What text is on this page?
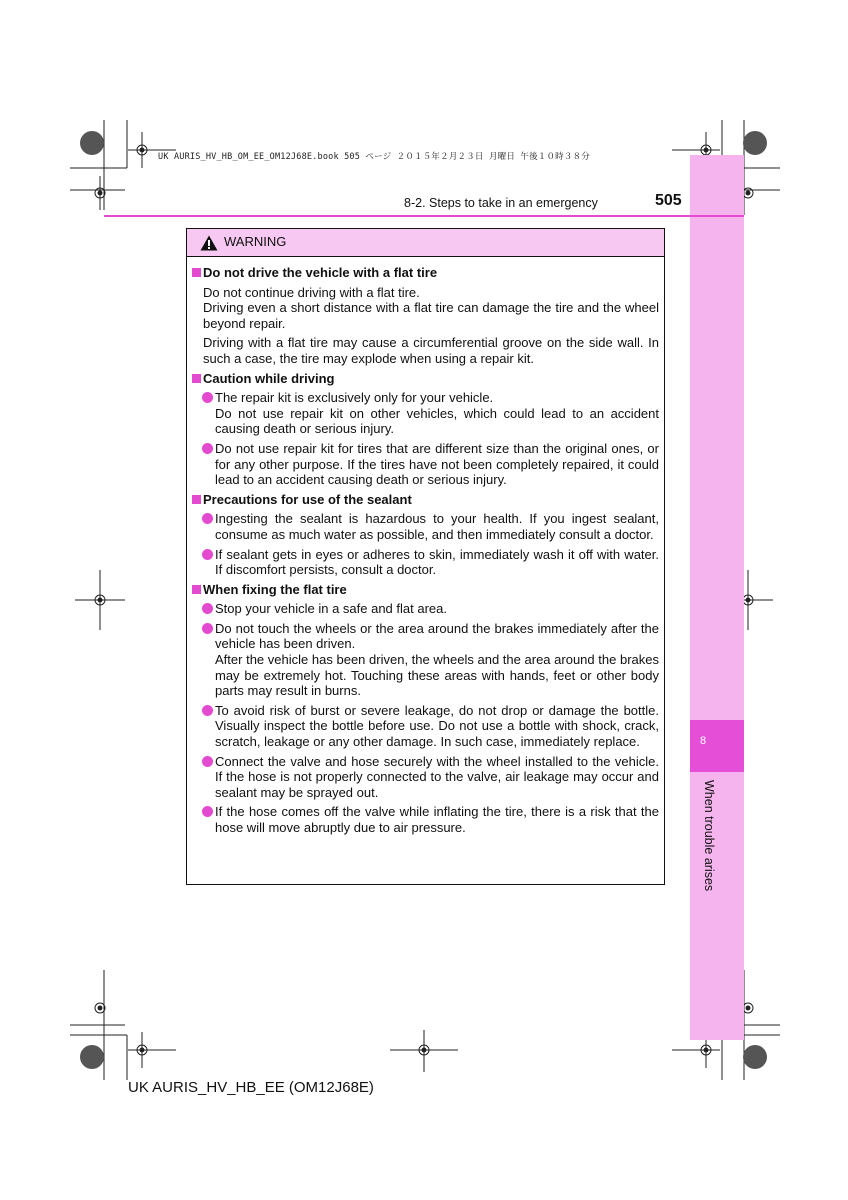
8
When trouble arises
UK AURIS_HV_HB_OM_EE_OM12J68E.book 505 ページ ２０１５年２月２３日 月曜日 午後１０時３８分
8-2. Steps to take in an emergency	505
WARNING
Do not drive the vehicle with a flat tire
Do not continue driving with a flat tire.
Driving even a short distance with a flat tire can damage the tire and the wheel beyond repair.
Driving with a flat tire may cause a circumferential groove on the side wall. In such a case, the tire may explode when using a repair kit.
Caution while driving
The repair kit is exclusively only for your vehicle.
Do not use repair kit on other vehicles, which could lead to an accident causing death or serious injury.
Do not use repair kit for tires that are different size than the original ones, or for any other purpose. If the tires have not been completely repaired, it could lead to an accident causing death or serious injury.
Precautions for use of the sealant
Ingesting the sealant is hazardous to your health. If you ingest sealant, consume as much water as possible, and then immediately consult a doctor.
If sealant gets in eyes or adheres to skin, immediately wash it off with water. If discomfort persists, consult a doctor.
When fixing the flat tire
Stop your vehicle in a safe and flat area.
Do not touch the wheels or the area around the brakes immediately after the vehicle has been driven.
After the vehicle has been driven, the wheels and the area around the brakes may be extremely hot. Touching these areas with hands, feet or other body parts may result in burns.
To avoid risk of burst or severe leakage, do not drop or damage the bottle. Visually inspect the bottle before use. Do not use a bottle with shock, crack, scratch, leakage or any other damage. In such case, immediately replace.
Connect the valve and hose securely with the wheel installed to the vehicle. If the hose is not properly connected to the valve, air leakage may occur and sealant may be sprayed out.
If the hose comes off the valve while inflating the tire, there is a risk that the hose will move abruptly due to air pressure.
UK AURIS_HV_HB_EE (OM12J68E)
